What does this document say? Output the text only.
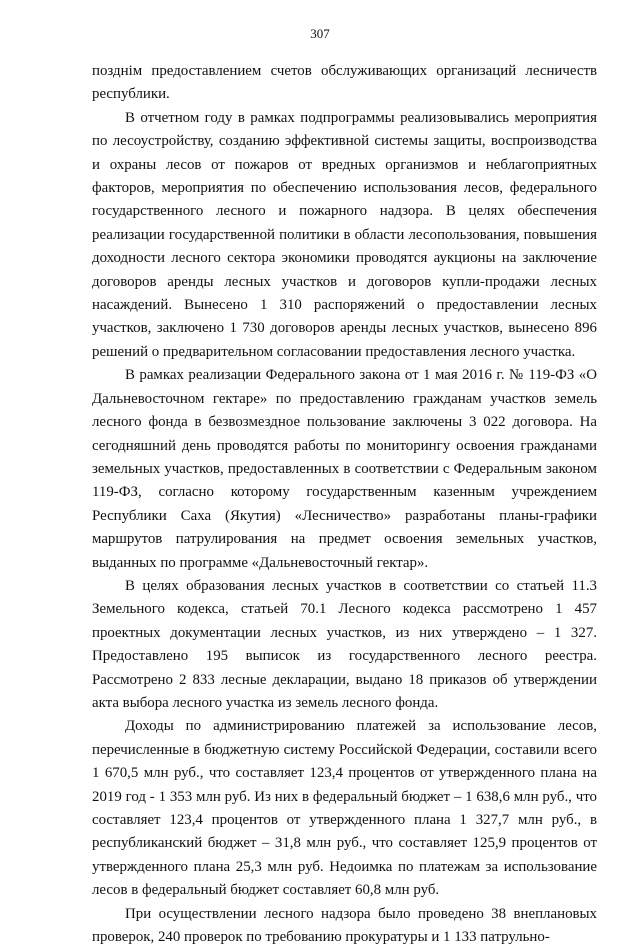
307

позднім предоставлением счетов обслуживающих организаций лесничеств республики.

В отчетном году в рамках подпрограммы реализовывались мероприятия по лесоустройству, созданию эффективной системы защиты, воспроизводства и охраны лесов от пожаров от вредных организмов и неблагоприятных факторов, мероприятия по обеспечению использования лесов, федерального государственного лесного и пожарного надзора. В целях обеспечения реализации государственной политики в области лесопользования, повышения доходности лесного сектора экономики проводятся аукционы на заключение договоров аренды лесных участков и договоров купли-продажи лесных насаждений. Вынесено 1 310 распоряжений о предоставлении лесных участков, заключено 1 730 договоров аренды лесных участков, вынесено 896 решений о предварительном согласовании предоставления лесного участка.

В рамках реализации Федерального закона от 1 мая 2016 г. № 119-ФЗ «О Дальневосточном гектаре» по предоставлению гражданам участков земель лесного фонда в безвозмездное пользование заключены 3 022 договора. На сегодняшний день проводятся работы по мониторингу освоения гражданами земельных участков, предоставленных в соответствии с Федеральным законом 119-ФЗ, согласно которому государственным казенным учреждением Республики Саха (Якутия) «Лесничество» разработаны планы-графики маршрутов патрулирования на предмет освоения земельных участков, выданных по программе «Дальневосточный гектар».

В целях образования лесных участков в соответствии со статьей 11.3 Земельного кодекса, статьей 70.1 Лесного кодекса рассмотрено 1 457 проектных документации лесных участков, из них утверждено – 1 327. Предоставлено 195 выписок из государственного лесного реестра. Рассмотрено 2 833 лесные декларации, выдано 18 приказов об утверждении акта выбора лесного участка из земель лесного фонда.

Доходы по администрированию платежей за использование лесов, перечисленные в бюджетную систему Российской Федерации, составили всего 1 670,5 млн руб., что составляет 123,4 процентов от утвержденного плана на 2019 год - 1 353 млн руб. Из них в федеральный бюджет – 1 638,6 млн руб., что составляет 123,4 процентов от утвержденного плана 1 327,7 млн руб., в республиканский бюджет – 31,8 млн руб., что составляет 125,9 процентов от утвержденного плана 25,3 млн руб. Недоимка по платежам за использование лесов в федеральный бюджет составляет 60,8 млн руб.

При осуществлении лесного надзора было проведено 38 внеплановых проверок, 240 проверок по требованию прокуратуры и 1 133 патрульно-
